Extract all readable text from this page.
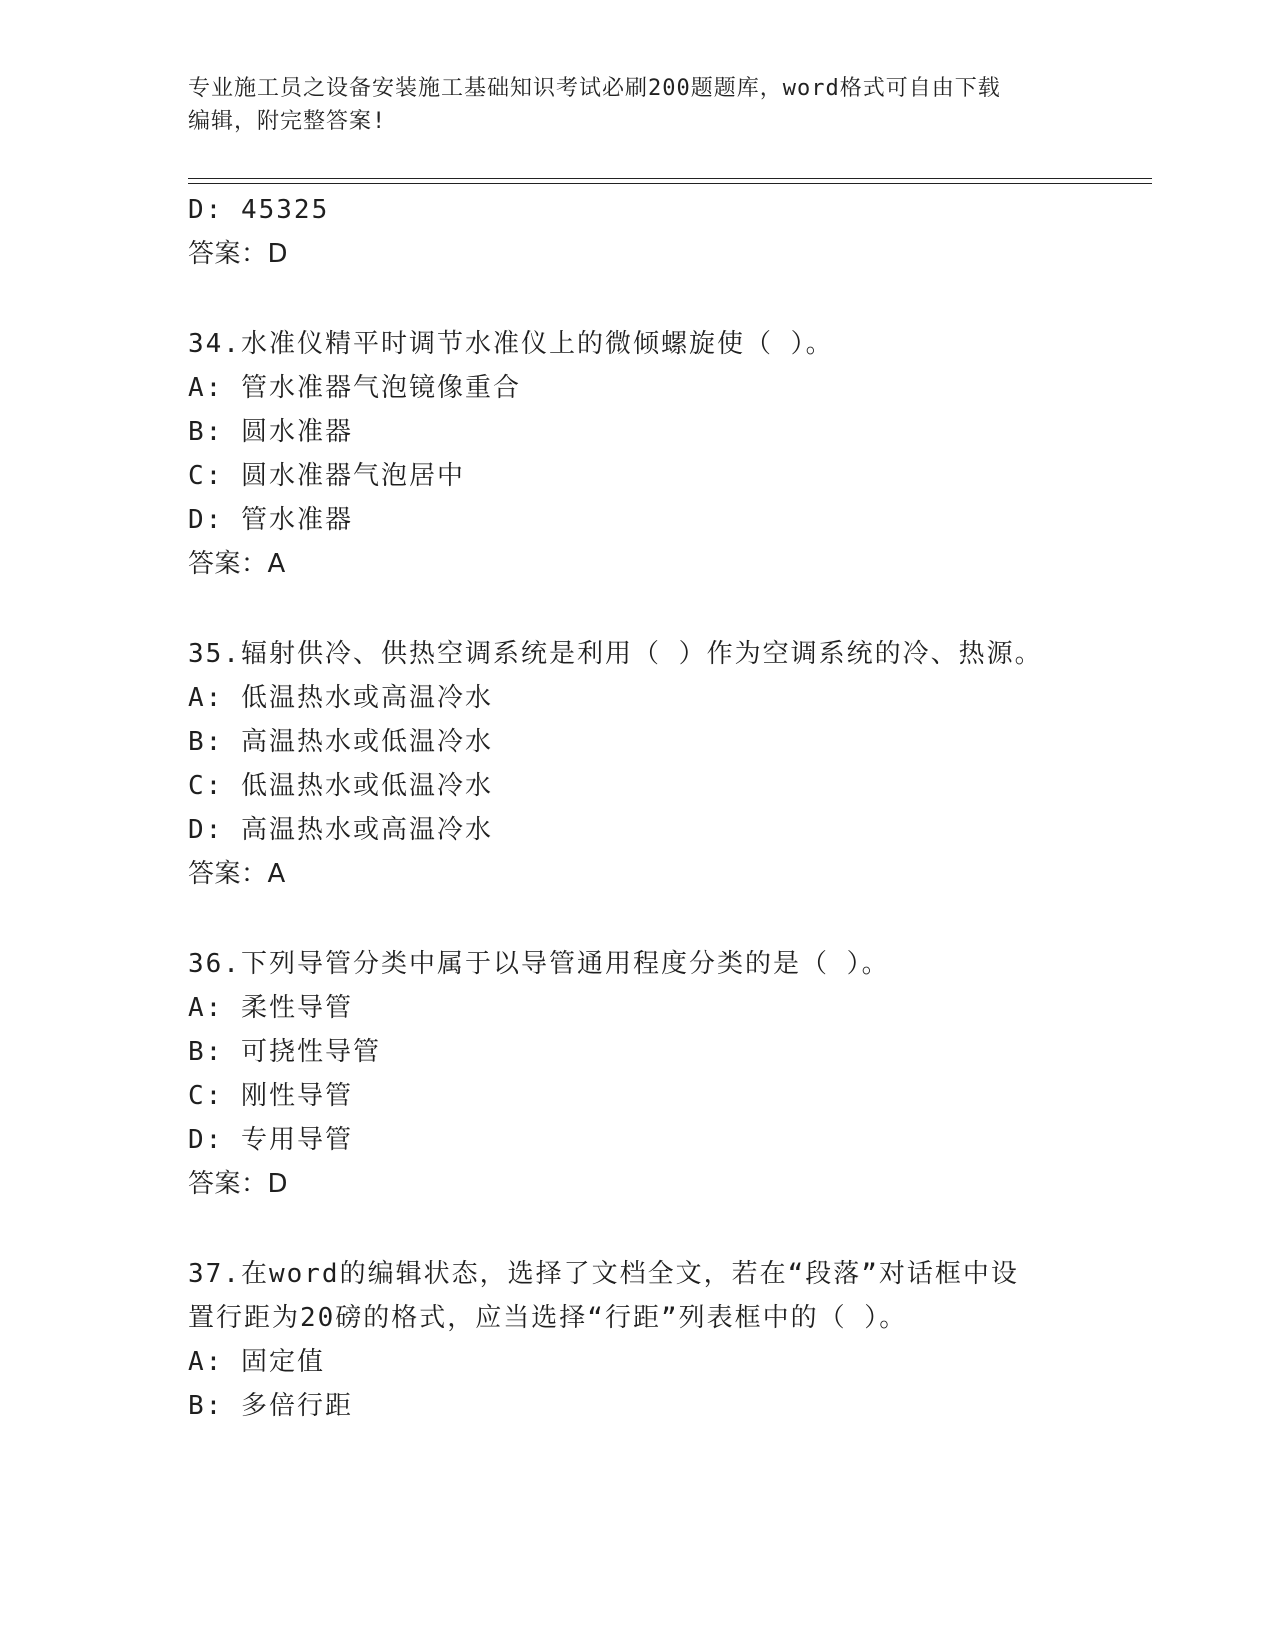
专业施工员之设备安装施工基础知识考试必刷200题题库，word格式可自由下载
编辑，附完整答案!
D: 45325
答案：D
34.水准仪精平时调节水准仪上的微倾螺旋使（ ）。
A: 管水准器气泡镜像重合
B: 圆水准器
C: 圆水准器气泡居中
D: 管水准器
答案：A
35.辐射供冷、供热空调系统是利用（ ）作为空调系统的冷、热源。
A: 低温热水或高温冷水
B: 高温热水或低温冷水
C: 低温热水或低温冷水
D: 高温热水或高温冷水
答案：A
36.下列导管分类中属于以导管通用程度分类的是（ ）。
A: 柔性导管
B: 可挠性导管
C: 刚性导管
D: 专用导管
答案：D
37.在word的编辑状态，选择了文档全文，若在“段落”对话框中设
置行距为20磅的格式，应当选择“行距”列表框中的（ ）。
A: 固定值
B: 多倍行距
